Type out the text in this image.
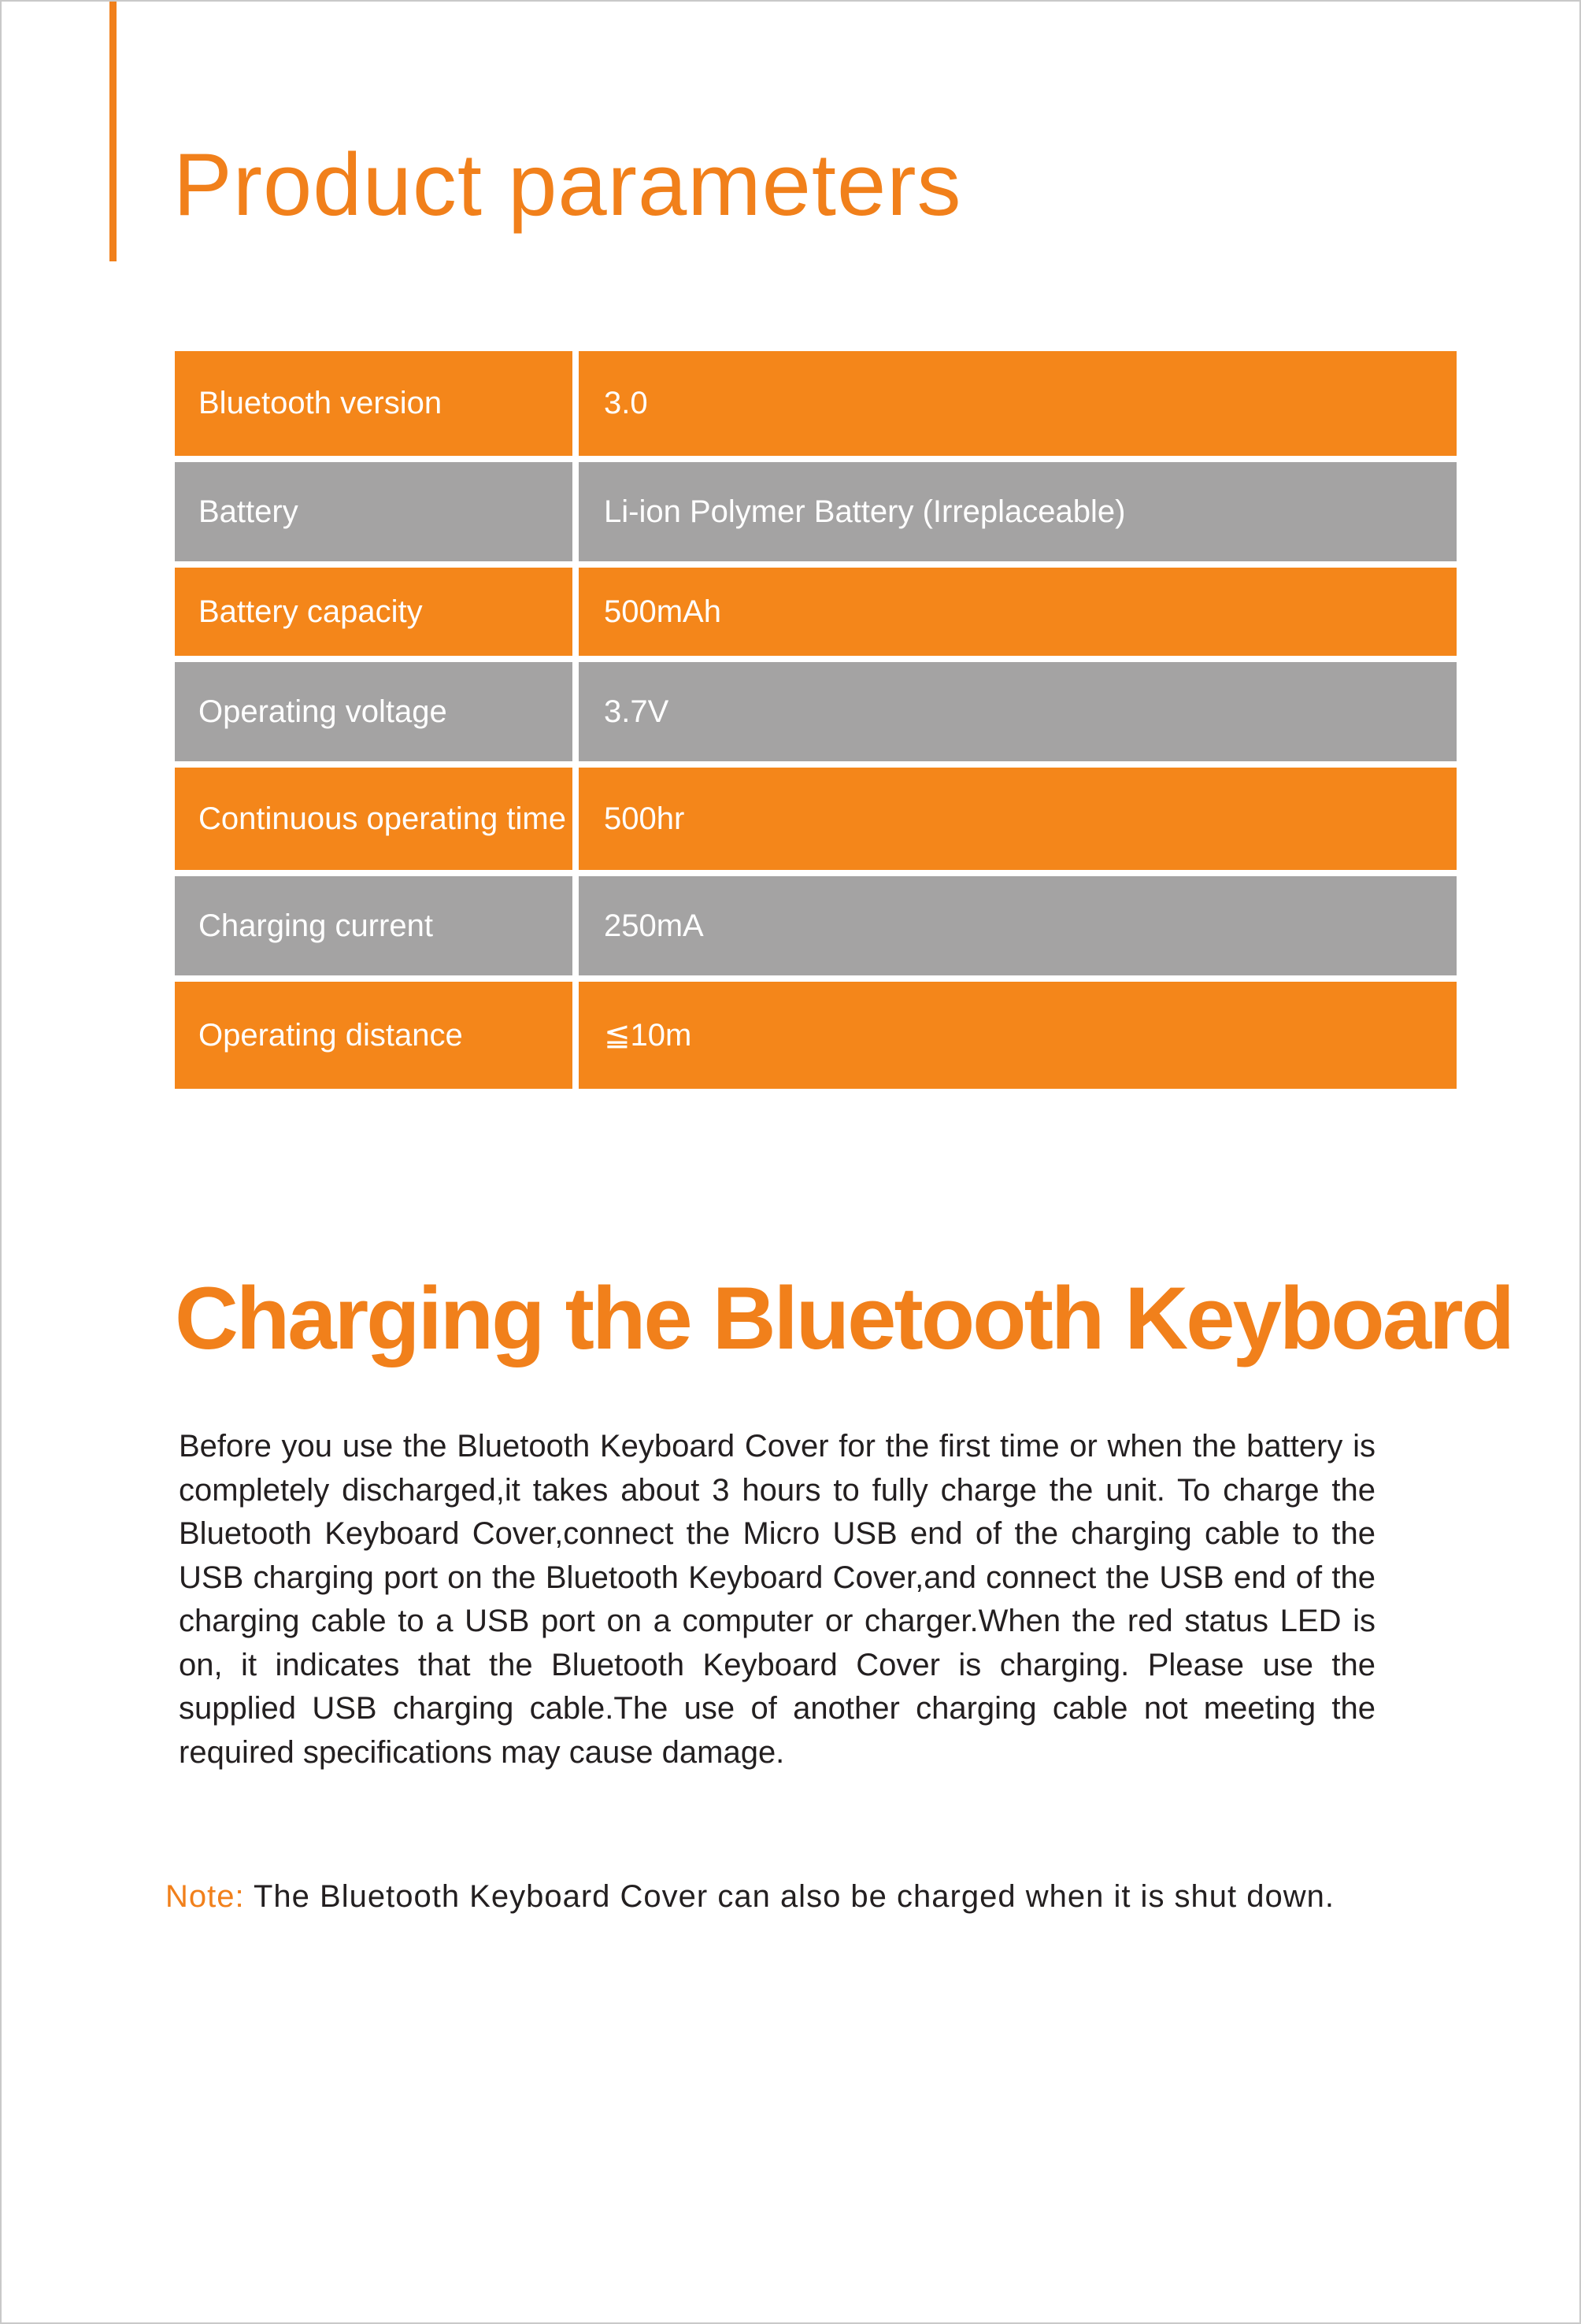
Product parameters
Bluetooth version	3.0
Battery	Li-ion Polymer Battery (Irreplaceable)
Battery capacity	500mAh
Operating voltage	3.7V
Continuous operating time	500hr
Charging current	250mA
Operating distance	≦10m
Charging the Bluetooth Keyboard

Before you use the Bluetooth Keyboard Cover for the first time or when the battery is completely discharged,it takes about 3 hours to fully charge the unit. To charge the Bluetooth Keyboard Cover,connect the Micro USB end of the charging cable to the USB charging port on the Bluetooth Keyboard Cover,and connect the USB end of the charging cable to a USB port on a computer or charger.When the red status LED is on, it indicates that the Bluetooth Keyboard Cover is charging. Please use the supplied USB charging cable.The use of another charging cable not meeting the required specifications may cause damage.

Note: The Bluetooth Keyboard Cover can also be charged when it is shut down.
